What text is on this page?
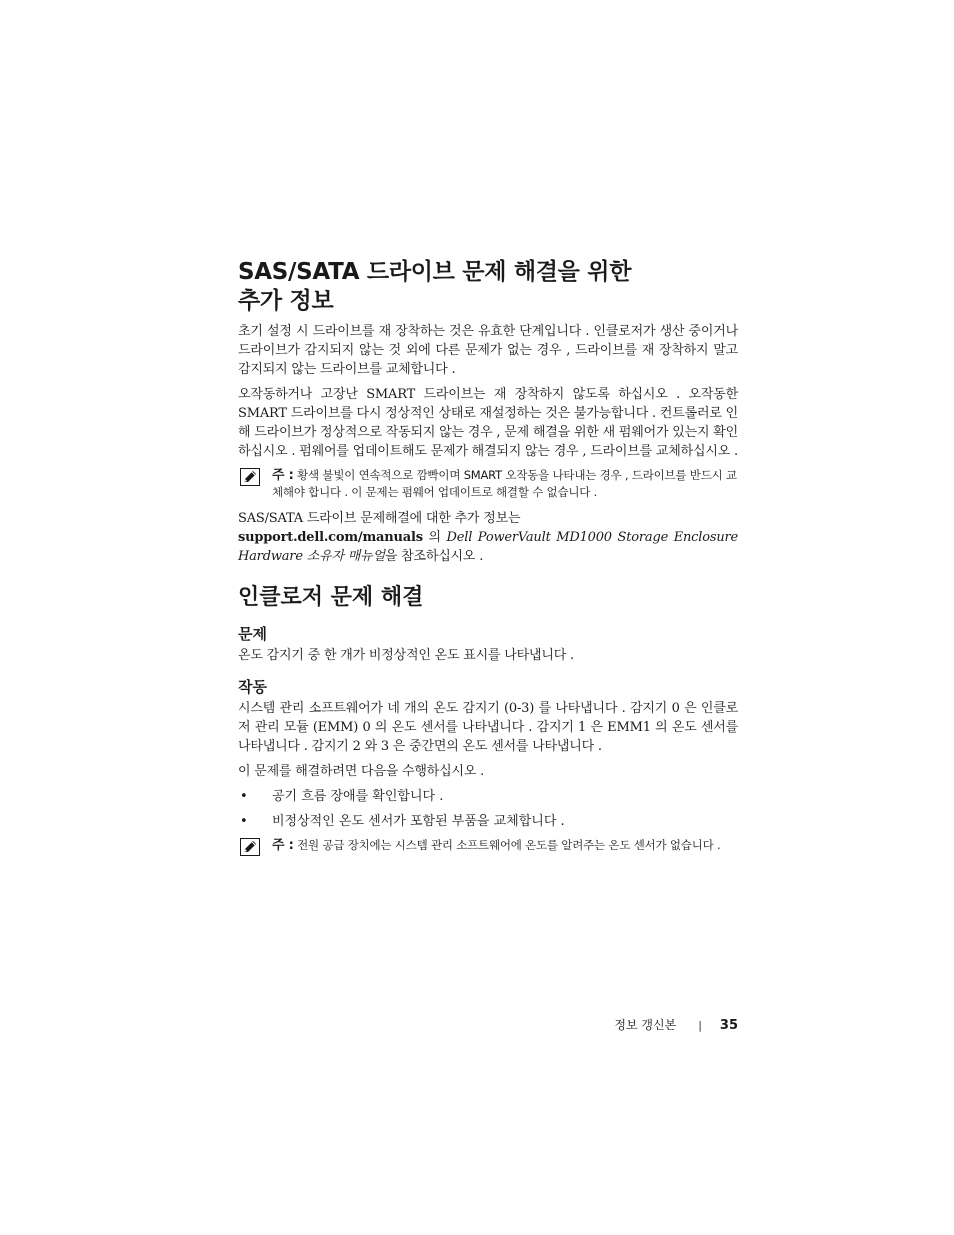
SAS/SATA 드라이브 문제 해결을 위한
추가 정보

초기 설정 시 드라이브를 재 장착하는 것은 유효한 단계입니다 . 인클로저가 생산 중이거나 드라이브가 감지되지 않는 것 외에 다른 문제가 없는 경우 , 드라이브를 재 장착하지 말고 감지되지 않는 드라이브를 교체합니다 .

오작동하거나 고장난 SMART 드라이브는 재 장착하지 않도록 하십시오 . 오작동한 SMART 드라이브를 다시 정상적인 상태로 재설정하는 것은 불가능합니다 . 컨트롤러로 인해 드라이브가 정상적으로 작동되지 않는 경우 , 문제 해결을 위한 새 펌웨어가 있는지 확인하십시오 . 펌웨어를 업데이트해도 문제가 해결되지 않는 경우 , 드라이브를 교체하십시오 .

주 : 황색 불빛이 연속적으로 깜빡이며 SMART 오작동을 나타내는 경우 , 드라이브를 반드시 교체해야 합니다 . 이 문제는 펌웨어 업데이트로 해결할 수 없습니다 .

SAS/SATA 드라이브 문제해결에 대한 추가 정보는
support.dell.com/manuals 의 Dell PowerVault MD1000 Storage Enclosure Hardware 소유자 매뉴얼을 참조하십시오 .

인클로저 문제 해결
문제

온도 감지기 중 한 개가 비정상적인 온도 표시를 나타냅니다 .

작동

시스템 관리 소프트웨어가 네 개의 온도 감지기 (0-3) 를 나타냅니다 . 감지기 0 은 인클로저 관리 모듈 (EMM) 0 의 온도 센서를 나타냅니다 . 감지기 1 은 EMM1 의 온도 센서를 나타냅니다 . 감지기 2 와 3 은 중간면의 온도 센서를 나타냅니다 .

이 문제를 해결하려면 다음을 수행하십시오 .

• 공기 흐름 장애를 확인합니다 .
• 비정상적인 온도 센서가 포함된 부품을 교체합니다 .
주 : 전원 공급 장치에는 시스템 관리 소프트웨어에 온도를 알려주는 온도 센서가 없습니다 .
정보 갱신본 | 35
